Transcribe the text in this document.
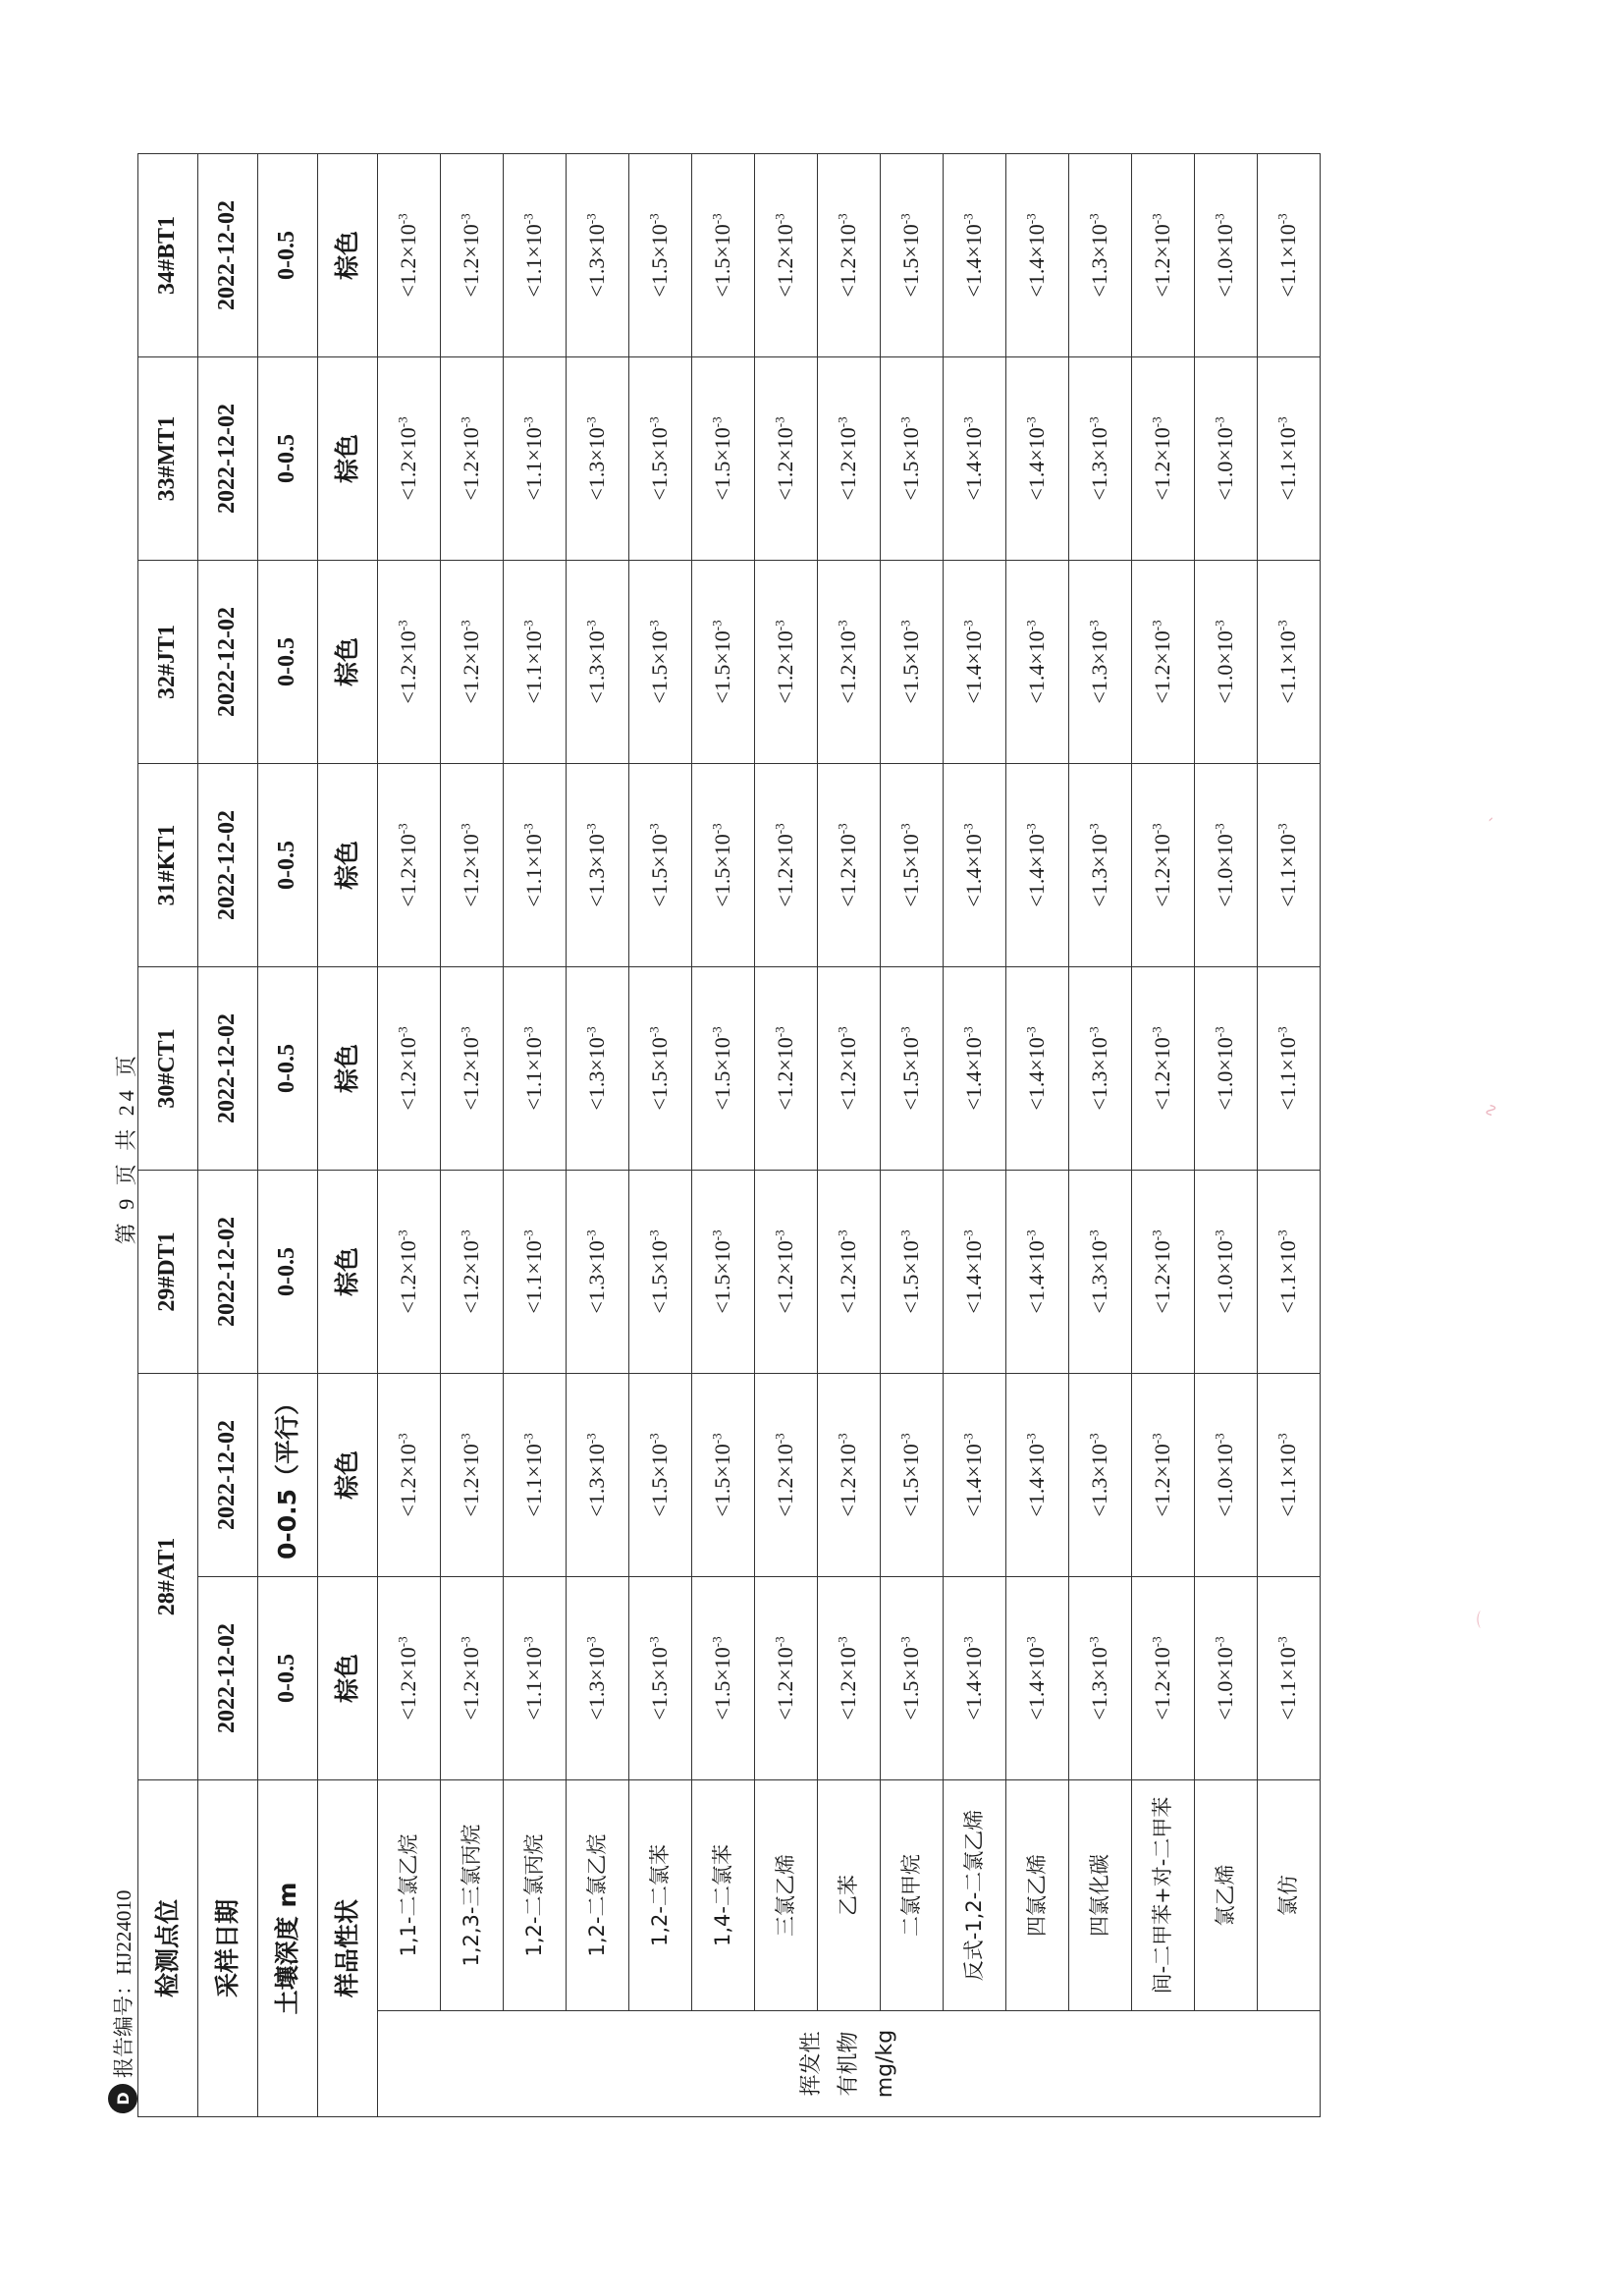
D
报告编号：HJ224010
第 9 页 共 24 页
检测点位		28#AT1		29#DT1	30#CT1	31#KT1	32#JT1	33#MT1	34#BT1
采样日期		2022-12-02	2022-12-02	2022-12-02	2022-12-02	2022-12-02	2022-12-02	2022-12-02	2022-12-02
土壤深度 m		0-0.5	0-0.5（平行）	0-0.5	0-0.5	0-0.5	0-0.5	0-0.5	0-0.5
样品性状		棕色	棕色	棕色	棕色	棕色	棕色	棕色	棕色

挥发性 有机物 mg/kg	1,1-二氯乙烷	$<1.2\times 10^{-3}$	$<1.2\times 10^{-3}$	$<1.2\times 10^{-3}$	$<1.2\times 10^{-3}$	$<1.2\times 10^{-3}$	$<1.2\times 10^{-3}$	$<1.2\times 10^{-3}$	$<1.2\times 10^{-3}$
	1,2,3-三氯丙烷	$<1.2\times 10^{-3}$	$<1.2\times 10^{-3}$	$<1.2\times 10^{-3}$	$<1.2\times 10^{-3}$	$<1.2\times 10^{-3}$	$<1.2\times 10^{-3}$	$<1.2\times 10^{-3}$	$<1.2\times 10^{-3}$
	1,2-二氯丙烷	$<1.1\times 10^{-3}$	$<1.1\times 10^{-3}$	$<1.1\times 10^{-3}$	$<1.1\times 10^{-3}$	$<1.1\times 10^{-3}$	$<1.1\times 10^{-3}$	$<1.1\times 10^{-3}$	$<1.1\times 10^{-3}$
	1,2-二氯乙烷	$<1.3\times 10^{-3}$	$<1.3\times 10^{-3}$	$<1.3\times 10^{-3}$	$<1.3\times 10^{-3}$	$<1.3\times 10^{-3}$	$<1.3\times 10^{-3}$	$<1.3\times 10^{-3}$	$<1.3\times 10^{-3}$
	1,2-二氯苯	$<1.5\times 10^{-3}$	$<1.5\times 10^{-3}$	$<1.5\times 10^{-3}$	$<1.5\times 10^{-3}$	$<1.5\times 10^{-3}$	$<1.5\times 10^{-3}$	$<1.5\times 10^{-3}$	$<1.5\times 10^{-3}$
	1,4-二氯苯	$<1.5\times 10^{-3}$	$<1.5\times 10^{-3}$	$<1.5\times 10^{-3}$	$<1.5\times 10^{-3}$	$<1.5\times 10^{-3}$	$<1.5\times 10^{-3}$	$<1.5\times 10^{-3}$	$<1.5\times 10^{-3}$
	三氯乙烯	$<1.2\times 10^{-3}$	$<1.2\times 10^{-3}$	$<1.2\times 10^{-3}$	$<1.2\times 10^{-3}$	$<1.2\times 10^{-3}$	$<1.2\times 10^{-3}$	$<1.2\times 10^{-3}$	$<1.2\times 10^{-3}$
	乙苯	$<1.2\times 10^{-3}$	$<1.2\times 10^{-3}$	$<1.2\times 10^{-3}$	$<1.2\times 10^{-3}$	$<1.2\times 10^{-3}$	$<1.2\times 10^{-3}$	$<1.2\times 10^{-3}$	$<1.2\times 10^{-3}$
	二氯甲烷	$<1.5\times 10^{-3}$	$<1.5\times 10^{-3}$	$<1.5\times 10^{-3}$	$<1.5\times 10^{-3}$	$<1.5\times 10^{-3}$	$<1.5\times 10^{-3}$	$<1.5\times 10^{-3}$	$<1.5\times 10^{-3}$
	反式-1,2-二氯乙烯	$<1.4\times 10^{-3}$	$<1.4\times 10^{-3}$	$<1.4\times 10^{-3}$	$<1.4\times 10^{-3}$	$<1.4\times 10^{-3}$	$<1.4\times 10^{-3}$	$<1.4\times 10^{-3}$	$<1.4\times 10^{-3}$
	四氯乙烯	$<1.4\times 10^{-3}$	$<1.4\times 10^{-3}$	$<1.4\times 10^{-3}$	$<1.4\times 10^{-3}$	$<1.4\times 10^{-3}$	$<1.4\times 10^{-3}$	$<1.4\times 10^{-3}$	$<1.4\times 10^{-3}$
	四氯化碳	$<1.3\times 10^{-3}$	$<1.3\times 10^{-3}$	$<1.3\times 10^{-3}$	$<1.3\times 10^{-3}$	$<1.3\times 10^{-3}$	$<1.3\times 10^{-3}$	$<1.3\times 10^{-3}$	$<1.3\times 10^{-3}$
	间-二甲苯+对-二甲苯	$<1.2\times 10^{-3}$	$<1.2\times 10^{-3}$	$<1.2\times 10^{-3}$	$<1.2\times 10^{-3}$	$<1.2\times 10^{-3}$	$<1.2\times 10^{-3}$	$<1.2\times 10^{-3}$	$<1.2\times 10^{-3}$
	氯乙烯	$<1.0\times 10^{-3}$	$<1.0\times 10^{-3}$	$<1.0\times 10^{-3}$	$<1.0\times 10^{-3}$	$<1.0\times 10^{-3}$	$<1.0\times 10^{-3}$	$<1.0\times 10^{-3}$	$<1.0\times 10^{-3}$
	氯仿	$<1.1\times 10^{-3}$	$<1.1\times 10^{-3}$	$<1.1\times 10^{-3}$	$<1.1\times 10^{-3}$	$<1.1\times 10^{-3}$	$<1.1\times 10^{-3}$	$<1.1\times 10^{-3}$	$<1.1\times 10^{-3}$
⌒
∿
ˎ
